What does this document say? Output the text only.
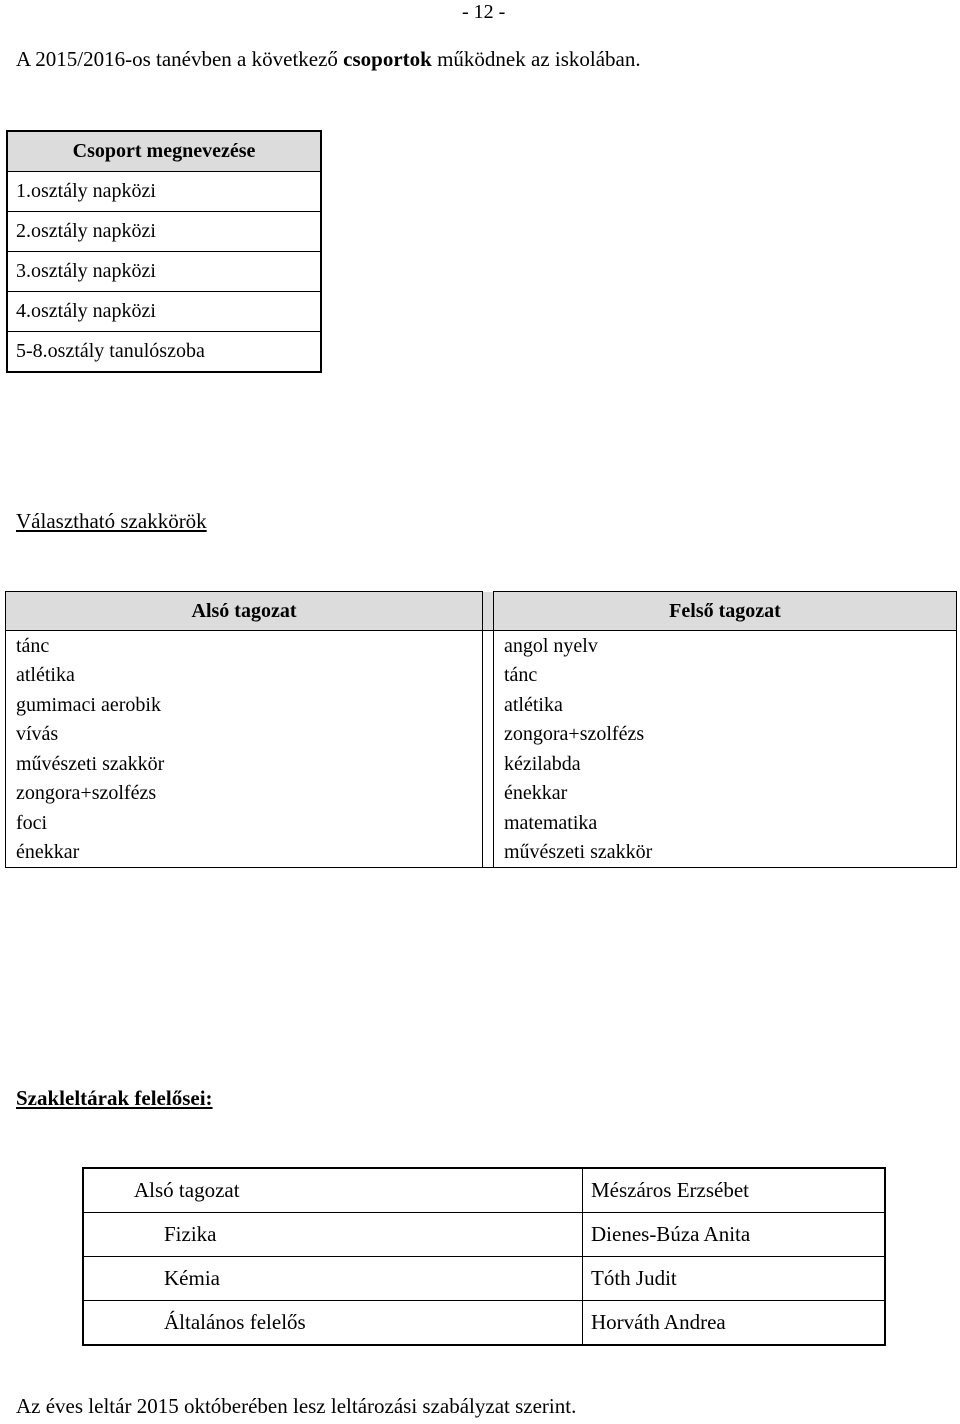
- 12 -
A 2015/2016-os tanévben a következő csoportok működnek az iskolában.
Csoport megnevezése
1.osztály napközi
2.osztály napközi
3.osztály napközi
4.osztály napközi
5-8.osztály tanulószoba
Választható szakkörök
Alsó tagozat		Felső tagozat
tánc		angol nyelv
atlétika		tánc
gumimaci aerobik		atlétika
vívás		zongora+szolfézs
művészeti szakkör		kézilabda
zongora+szolfézs		énekkar
foci		matematika
énekkar		művészeti szakkör
Szakleltárak felelősei:
Alsó tagozat	Mészáros Erzsébet
Fizika	Dienes-Búza Anita
Kémia	Tóth Judit
Általános felelős	Horváth Andrea
Az éves leltár 2015 októberében lesz leltározási szabályzat szerint.
